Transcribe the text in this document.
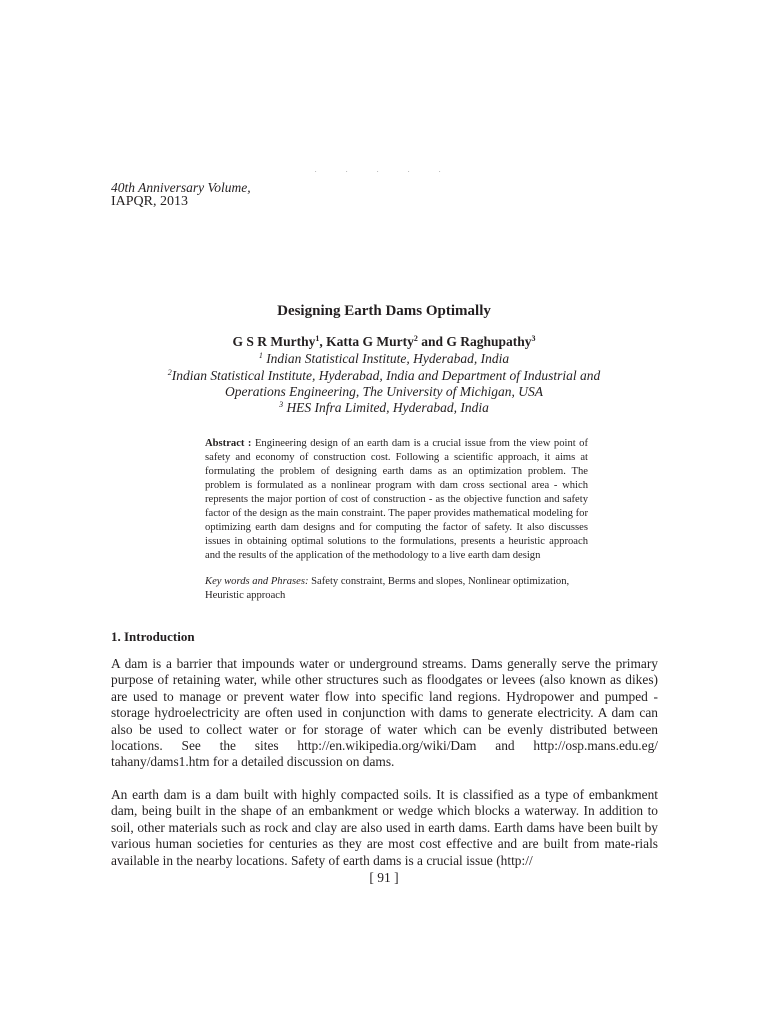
. . . . .
40th Anniversary Volume,
IAPQR, 2013
Designing Earth Dams Optimally
G S R Murthy$^1$, Katta G Murty$^2$ and G Raghupathy$^3$
$^1$ Indian Statistical Institute, Hyderabad, India
$^2$Indian Statistical Institute, Hyderabad, India and Department of Industrial and
Operations Engineering, The University of Michigan, USA
$^3$ HES Infra Limited, Hyderabad, India
Abstract : Engineering design of an earth dam is a crucial issue from the view point of safety and economy of construction cost. Following a scientific approach, it aims at formulating the problem of designing earth dams as an optimization problem. The problem is formulated as a nonlinear program with dam cross sectional area - which represents the major portion of cost of construction - as the objective function and safety factor of the design as the main constraint. The paper provides mathematical modeling for optimizing earth dam designs and for computing the factor of safety. It also discusses issues in obtaining optimal solutions to the formulations, presents a heuristic approach and the results of the application of the methodology to a live earth dam design
Key words and Phrases: Safety constraint, Berms and slopes, Nonlinear optimization, Heuristic approach
1. Introduction

A dam is a barrier that impounds water or underground streams. Dams generally serve the primary purpose of retaining water, while other structures such as floodgates or levees (also known as dikes) are used to manage or prevent water flow into specific land regions. Hydropower and pumped - storage hydroelectricity are often used in conjunction with dams to generate electricity. A dam can also be used to collect water or for storage of water which can be evenly distributed between locations. See the sites http://en.wikipedia.org/wiki/Dam and http://osp.mans.edu.eg/ tahany/dams1.htm for a detailed discussion on dams.

An earth dam is a dam built with highly compacted soils. It is classified as a type of embankment dam, being built in the shape of an embankment or wedge which blocks a waterway. In addition to soil, other materials such as rock and clay are also used in earth dams. Earth dams have been built by various human societies for centuries as they are most cost effective and are built from mate-rials available in the nearby locations. Safety of earth dams is a crucial issue (http://

[ 91 ]
